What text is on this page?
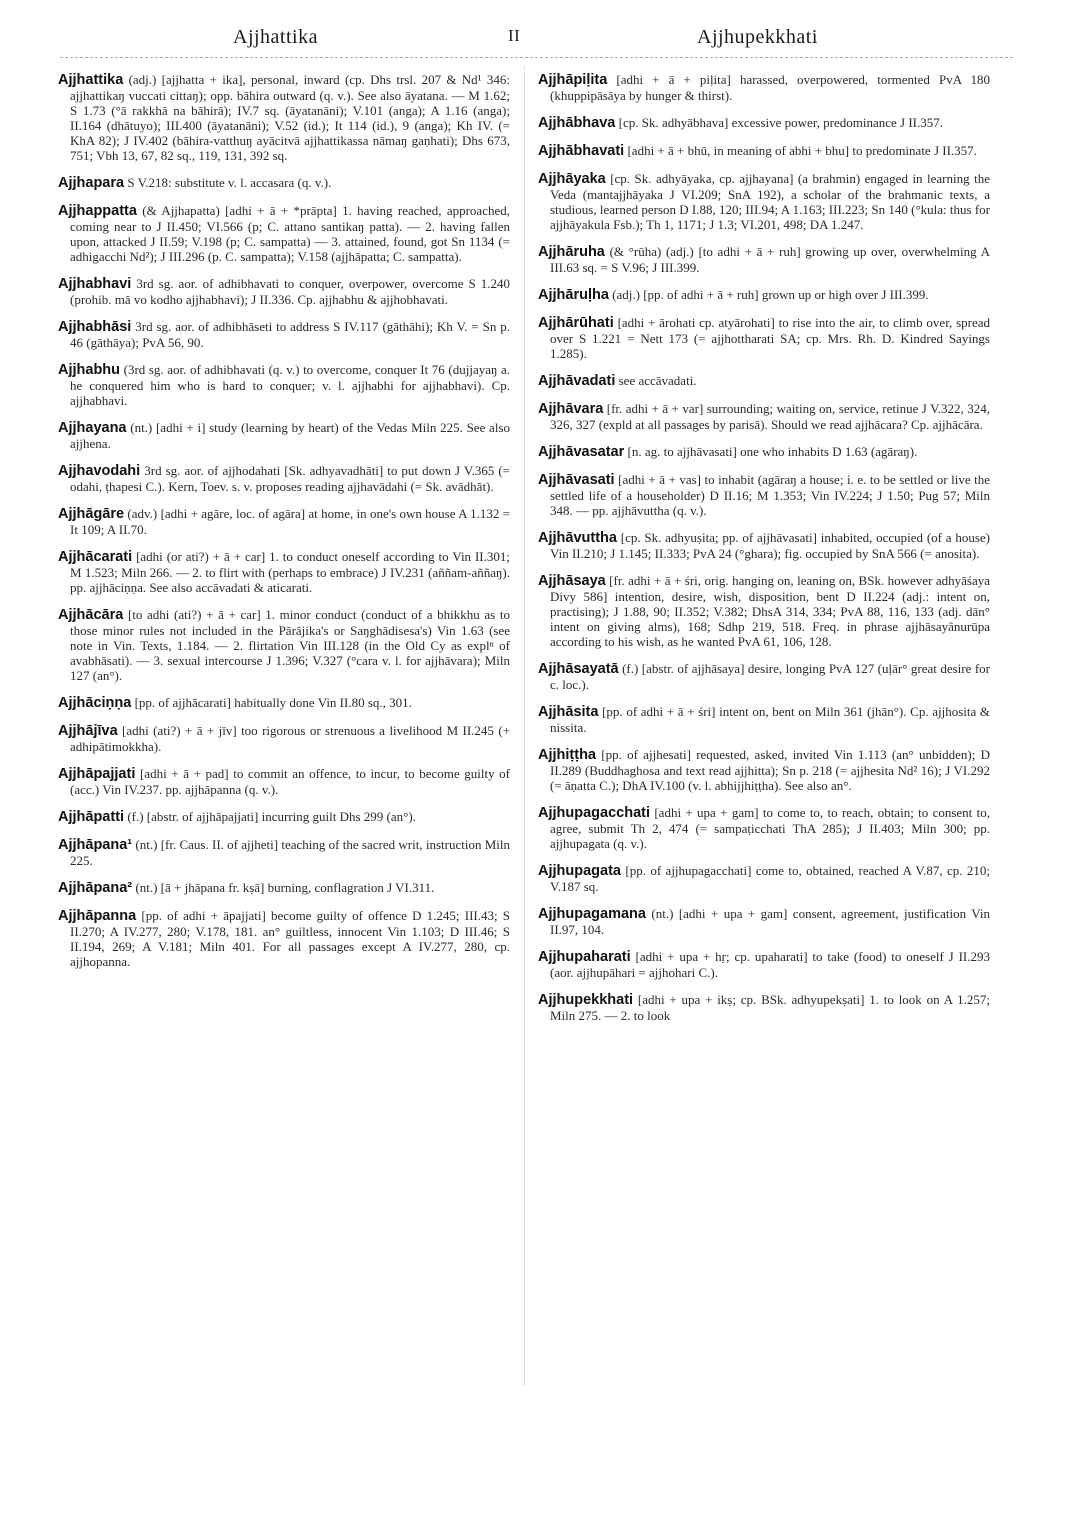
Ajjhattika	II	Ajjhupekkhati

Ajjhattika (adj.) [ajjhatta + ika], personal, inward (cp. Dhs trsl. 207 & Nd¹ 346: ajjhattikaŋ vuccati cittaŋ); opp. bāhira outward (q. v.). See also āyatana. — M 1.62; S 1.73 (°ā rakkhā na bāhirā); IV.7 sq. (āyatanāni); V.101 (anga); A 1.16 (anga); II.164 (dhātuyo); III.400 (āyatanāni); V.52 (id.); It 114 (id.), 9 (anga); Kh IV. (= KhA 82); J IV.402 (bāhira-vatthuŋ ayācitvā ajjhattikassa nāmaŋ gaṇhati); Dhs 673, 751; Vbh 13, 67, 82 sq., 119, 131, 392 sq.

Ajjhapara S V.218: substitute v. l. accasara (q. v.).

Ajjhappatta (& Ajjhapatta) [adhi + ā + *prāpta] 1. having reached, approached, coming near to J II.450; VI.566 (p; C. attano santikaŋ patta). — 2. having fallen upon, attacked J II.59; V.198 (p; C. sampatta) — 3. attained, found, got Sn 1134 (= adhigacchi Nd²); J III.296 (p. C. sampatta); V.158 (ajjhāpatta; C. sampatta).

Ajjhabhavi 3rd sg. aor. of adhibhavati to conquer, overpower, overcome S 1.240 (prohib. mā vo kodho ajjhabhavi); J II.336. Cp. ajjhabhu & ajjhobhavati.

Ajjhabhāsi 3rd sg. aor. of adhibhāseti to address S IV.117 (gāthāhi); Kh V. = Sn p. 46 (gāthāya); PvA 56, 90.

Ajjhabhu (3rd sg. aor. of adhibhavati (q. v.) to overcome, conquer It 76 (dujjayaŋ a. he conquered him who is hard to conquer; v. l. ajjhabhi for ajjhabhavi). Cp. ajjhabhavi.

Ajjhayana (nt.) [adhi + i] study (learning by heart) of the Vedas Miln 225. See also ajjhena.

Ajjhavodahi 3rd sg. aor. of ajjhodahati [Sk. adhyavadhāti] to put down J V.365 (= odahi, ṭhapesi C.). Kern, Toev. s. v. proposes reading ajjhavādahi (= Sk. avādhāt).

Ajjhāgāre (adv.) [adhi + agāre, loc. of agāra] at home, in one's own house A 1.132 = It 109; A II.70.

Ajjhācarati [adhi (or ati?) + ā + car] 1. to conduct oneself according to Vin II.301; M 1.523; Miln 266. — 2. to flirt with (perhaps to embrace) J IV.231 (aññam-aññaŋ). pp. ajjhāciṇṇa. See also accāvadati & aticarati.

Ajjhācāra [to adhi (ati?) + ā + car] 1. minor conduct (conduct of a bhikkhu as to those minor rules not included in the Pārājika's or Saŋghādisesa's) Vin 1.63 (see note in Vin. Texts, 1.184. — 2. flirtation Vin III.128 (in the Old Cy as explⁿ of avabhāsati). — 3. sexual intercourse J 1.396; V.327 (°cara v. l. for ajjhāvara); Miln 127 (an°).

Ajjhāciṇṇa [pp. of ajjhācarati] habitually done Vin II.80 sq., 301.

Ajjhājīva [adhi (ati?) + ā + jīv] too rigorous or strenuous a livelihood M II.245 (+ adhipātimokkha).

Ajjhāpajjati [adhi + ā + pad] to commit an offence, to incur, to become guilty of (acc.) Vin IV.237. pp. ajjhāpanna (q. v.).

Ajjhāpatti (f.) [abstr. of ajjhāpajjati] incurring guilt Dhs 299 (an°).

Ajjhāpana¹ (nt.) [fr. Caus. II. of ajjheti] teaching of the sacred writ, instruction Miln 225.

Ajjhāpana² (nt.) [ā + jhāpana fr. kṣā] burning, conflagration J VI.311.

Ajjhāpanna [pp. of adhi + āpajjati] become guilty of offence D 1.245; III.43; S II.270; A IV.277, 280; V.178, 181. an° guiltless, innocent Vin 1.103; D III.46; S II.194, 269; A V.181; Miln 401. For all passages except A IV.277, 280, cp. ajjhopanna.

Ajjhāpiḷita [adhi + ā + piḷita] harassed, overpowered, tormented PvA 180 (khuppipāsāya by hunger & thirst).

Ajjhābhava [cp. Sk. adhyābhava] excessive power, predominance J II.357.

Ajjhābhavati [adhi + ā + bhū, in meaning of abhi + bhu] to predominate J II.357.

Ajjhāyaka [cp. Sk. adhyāyaka, cp. ajjhayana] (a brahmin) engaged in learning the Veda (mantajjhāyaka J VI.209; SnA 192), a scholar of the brahmanic texts, a studious, learned person D I.88, 120; III.94; A 1.163; III.223; Sn 140 (°kula: thus for ajjhāyakula Fsb.); Th 1, 1171; J 1.3; VI.201, 498; DA 1.247.

Ajjhāruha (& °rūha) (adj.) [to adhi + ā + ruh] growing up over, overwhelming A III.63 sq. = S V.96; J III.399.

Ajjhāruḷha (adj.) [pp. of adhi + ā + ruh] grown up or high over J III.399.

Ajjhārūhati [adhi + ārohati cp. atyārohati] to rise into the air, to climb over, spread over S 1.221 = Nett 173 (= ajjhottharati SA; cp. Mrs. Rh. D. Kindred Sayings 1.285).

Ajjhāvadati see accāvadati.

Ajjhāvara [fr. adhi + ā + var] surrounding; waiting on, service, retinue J V.322, 324, 326, 327 (expld at all passages by parisā). Should we read ajjhācara? Cp. ajjhācāra.

Ajjhāvasatar [n. ag. to ajjhāvasati] one who inhabits D 1.63 (agāraŋ).

Ajjhāvasati [adhi + ā + vas] to inhabit (agāraŋ a house; i. e. to be settled or live the settled life of a householder) D II.16; M 1.353; Vin IV.224; J 1.50; Pug 57; Miln 348. — pp. ajjhāvuttha (q. v.).

Ajjhāvuttha [cp. Sk. adhyuṣita; pp. of ajjhāvasati] inhabited, occupied (of a house) Vin II.210; J 1.145; II.333; PvA 24 (°ghara); fig. occupied by SnA 566 (= anosita).

Ajjhāsaya [fr. adhi + ā + śri, orig. hanging on, leaning on, BSk. however adhyāśaya Divy 586] intention, desire, wish, disposition, bent D II.224 (adj.: intent on, practising); J 1.88, 90; II.352; V.382; DhsA 314, 334; PvA 88, 116, 133 (adj. dān° intent on giving alms), 168; Sdhp 219, 518. Freq. in phrase ajjhāsayânurūpa according to his wish, as he wanted PvA 61, 106, 128.

Ajjhāsayatā (f.) [abstr. of ajjhāsaya] desire, longing PvA 127 (uḷār° great desire for c. loc.).

Ajjhāsita [pp. of adhi + ā + śri] intent on, bent on Miln 361 (jhān°). Cp. ajjhosita & nissita.

Ajjhiṭṭha [pp. of ajjhesati] requested, asked, invited Vin 1.113 (an° unbidden); D II.289 (Buddhaghosa and text read ajjhitta); Sn p. 218 (= ajjhesita Nd² 16); J VI.292 (= āṇatta C.); DhA IV.100 (v. l. abhijjhiṭṭha). See also an°.

Ajjhupagacchati [adhi + upa + gam] to come to, to reach, obtain; to consent to, agree, submit Th 2, 474 (= sampaṭicchati ThA 285); J II.403; Miln 300; pp. ajjhupagata (q. v.).

Ajjhupagata [pp. of ajjhupagacchati] come to, obtained, reached A V.87, cp. 210; V.187 sq.

Ajjhupagamana (nt.) [adhi + upa + gam] consent, agreement, justification Vin II.97, 104.

Ajjhupaharati [adhi + upa + hṛ; cp. upaharati] to take (food) to oneself J II.293 (aor. ajjhupāhari = ajjhohari C.).

Ajjhupekkhati [adhi + upa + ikṣ; cp. BSk. adhyupekṣati] 1. to look on A 1.257; Miln 275. — 2. to look
